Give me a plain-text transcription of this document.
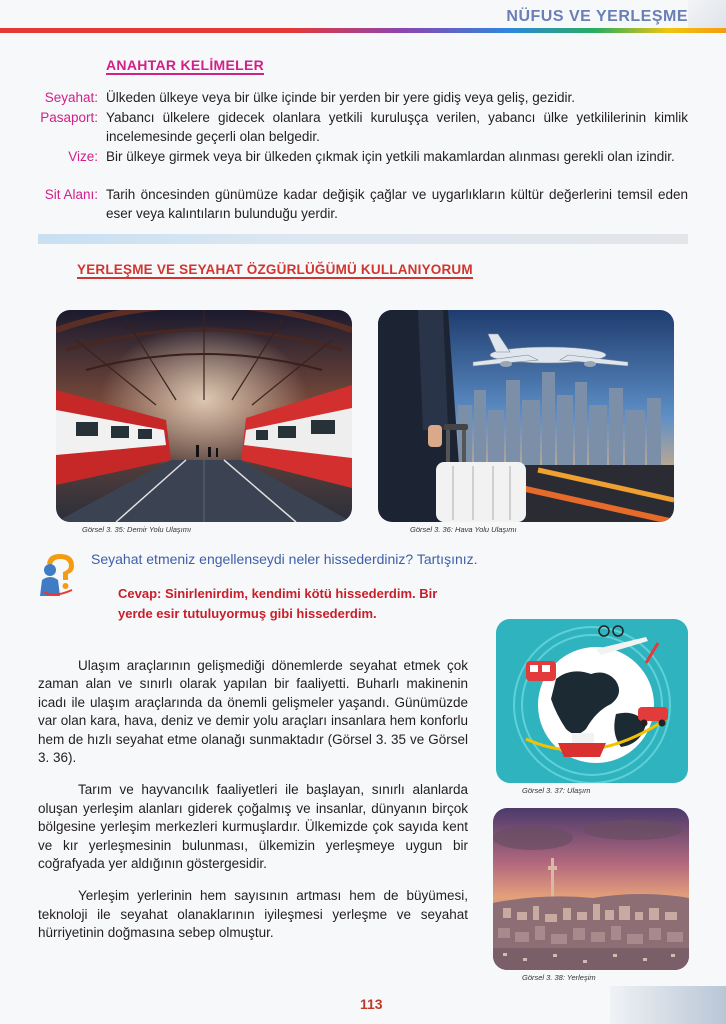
NÜFUS VE YERLEŞME
ANAHTAR KELİMELER
Seyahat: Ülkeden ülkeye veya bir ülke içinde bir yerden bir yere gidiş veya geliş, gezidir.
Pasaport: Yabancı ülkelere gidecek olanlara yetkili kuruluşça verilen, yabancı ülke yetkililerinin kimlik incelemesinde geçerli olan belgedir.
Vize: Bir ülkeye girmek veya bir ülkeden çıkmak için yetkili makamlardan alınması gerekli olan izindir.
Sit Alanı: Tarih öncesinden günümüze kadar değişik çağlar ve uygarlıkların kültür değerlerini temsil eden eser veya kalıntıların bulunduğu yerdir.
YERLEŞME VE SEYAHAT ÖZGÜRLÜĞÜMÜ KULLANIYORUM
Görsel 3. 35: Demir Yolu Ulaşımı	Görsel 3. 36: Hava Yolu Ulaşımı
Seyahat etmeniz engellenseydi neler hissederdiniz? Tartışınız.
Cevap: Sinirlenirdim, kendimi kötü hissederdim. Bir yerde esir tutuluyormuş gibi hissederdim.

Ulaşım araçlarının gelişmediği dönemlerde seyahat etmek çok zaman alan ve sınırlı olarak yapılan bir faaliyetti. Buharlı makinenin icadı ile ulaşım araçlarında da önemli gelişmeler yaşandı. Günümüzde var olan kara, hava, deniz ve demir yolu araçları insanlara hem konforlu hem de hızlı seyahat etme olanağı sunmaktadır (Görsel 3. 35 ve Görsel 3. 36).

Tarım ve hayvancılık faaliyetleri ile başlayan, sınırlı alanlarda oluşan yerleşim alanları giderek çoğalmış ve insanlar, dünyanın birçok bölgesine yerleşim merkezleri kurmuşlardır. Ülkemizde çok sayıda kent ve kır yerleşmesinin bulunması, ülkemizin yerleşmeye uygun bir coğrafyada yer aldığının göstergesidir.

Yerleşim yerlerinin hem sayısının artması hem de büyümesi, teknoloji ile seyahat olanaklarının iyileşmesi yerleşme ve seyahat hürriyetinin doğmasına sebep olmuştur.

Görsel 3. 37: Ulaşım
Görsel 3. 38: Yerleşim
113
